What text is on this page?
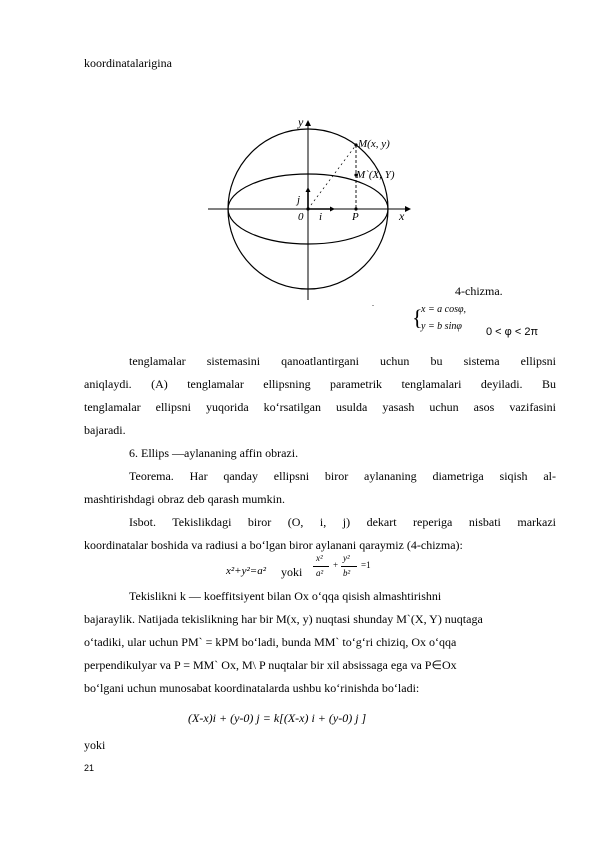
koordinatalarigina
y
x
M(x, y)
M`(X, Y)
j
i
0	P
4-chizma.
.
{
x = a cosφ,
y = b sinφ 0 < φ < 2π
tenglamalar sistemasini qanoatlantirgani uchun bu sistema ellipsni
aniqlaydi. (A) tenglamalar ellipsning parametrik tenglamalari deyiladi. Bu
tenglamalar ellipsni yuqorida ko‘rsatilgan usulda yasash uchun asos vazifasini
bajaradi.
6. Ellips —aylananing affin obrazi.
Teorema. Har qanday ellipsni biror aylananing diametriga siqish al-
mashtirishdagi obraz deb qarash mumkin.
Isbot. Tekislikdagi biror (O, i, j) dekart reperiga nisbati markazi
koordinatalar boshida va radiusi a bo‘lgan biror aylanani qaraymiz (4-chizma):
x²+y²=a² yoki
x²
a²
+
y²
b²
=1
Tekislikni k — koeffitsiyent bilan Ox o‘qqa qisish almashtirishni
bajaraylik. Natijada tekislikning har bir M(x, y) nuqtasi shunday M`(X, Y) nuqtaga
o‘tadiki, ular uchun PM` = kPM bo‘ladi, bunda MM` to‘g‘ri chiziq, Ox o‘qqa
perpendikulyar va P = MM` Ox, M\ P nuqtalar bir xil absissaga ega va P∈Ox
bo‘lgani uchun munosabat koordinatalarda ushbu ko‘rinishda bo‘ladi:
(X-x)i + (y-0) j = k[(X-x) i + (y-0) j ]
yoki
21
